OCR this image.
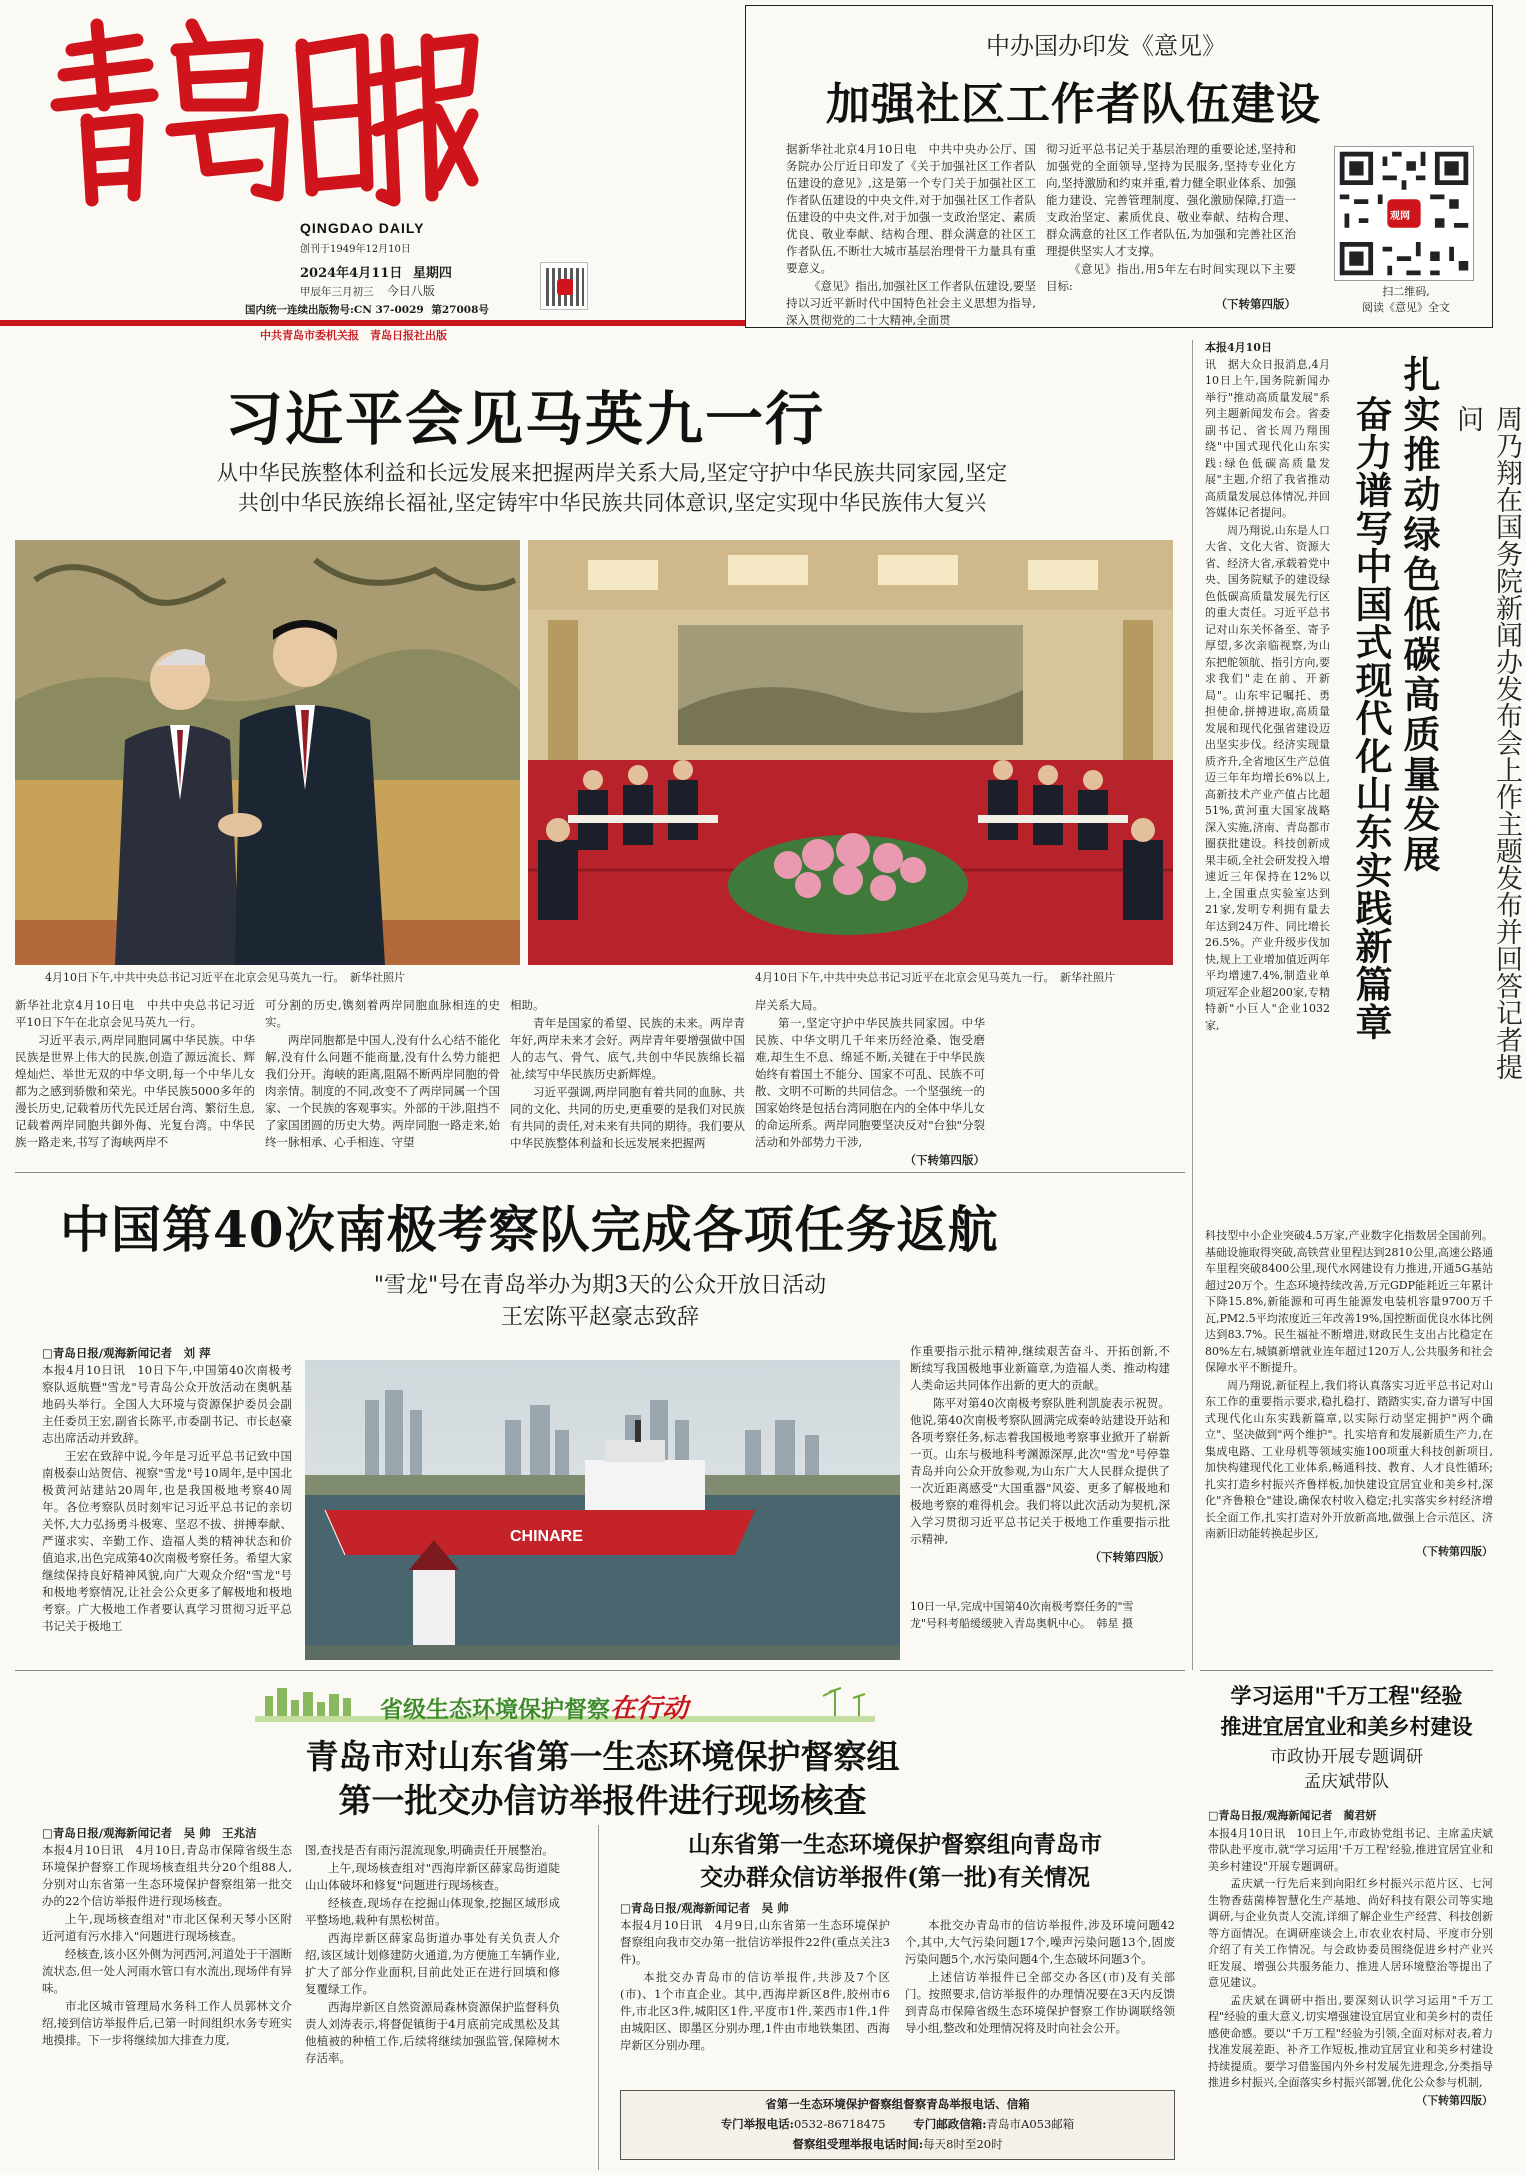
QINGDAO DAILY
创刊于1949年12月10日
2024年4月11日 星期四
甲辰年三月初三 今日八版
国内统一连续出版物号:CN 37-0029 第27008号
中共青岛市委机关报　青岛日报社出版
中办国办印发《意见》
加强社区工作者队伍建设

据新华社北京4月10日电　中共中央办公厅、国务院办公厅近日印发了《关于加强社区工作者队伍建设的意见》,这是第一个专门关于加强社区工作者队伍建设的中央文件,对于加强社区工作者队伍建设的中央文件,对于加强一支政治坚定、素质优良、敬业奉献、结构合理、群众满意的社区工作者队伍,不断壮大城市基层治理骨干力量具有重要意义。

《意见》指出,加强社区工作者队伍建设,要坚持以习近平新时代中国特色社会主义思想为指导,深入贯彻党的二十大精神,全面贯

彻习近平总书记关于基层治理的重要论述,坚持和加强党的全面领导,坚持为民服务,坚持专业化方向,坚持激励和约束并重,着力健全职业体系、加强能力建设、完善管理制度、强化激励保障,打造一支政治坚定、素质优良、敬业奉献、结构合理、群众满意的社区工作者队伍,为加强和完善社区治理提供坚实人才支撑。

《意见》指出,用5年左右时间实现以下主要目标:

（下转第四版）
观网
扫二维码,
阅读《意见》全文
习近平会见马英九一行
从中华民族整体利益和长远发展来把握两岸关系大局,坚定守护中华民族共同家园,坚定
共创中华民族绵长福祉,坚定铸牢中华民族共同体意识,坚定实现中华民族伟大复兴
4月10日下午,中共中央总书记习近平在北京会见马英九一行。　新华社照片	4月10日下午,中共中央总书记习近平在北京会见马英九一行。　新华社照片

新华社北京4月10日电　中共中央总书记习近平10日下午在北京会见马英九一行。

习近平表示,两岸同胞同属中华民族。中华民族是世界上伟大的民族,创造了源远流长、辉煌灿烂、举世无双的中华文明,每一个中华儿女都为之感到骄傲和荣光。中华民族5000多年的漫长历史,记载着历代先民迁居台湾、繁衍生息,记载着两岸同胞共御外侮、光复台湾。中华民族一路走来,书写了海峡两岸不

可分割的历史,镌刻着两岸同胞血脉相连的史实。

两岸同胞都是中国人,没有什么心结不能化解,没有什么问题不能商量,没有什么势力能把我们分开。海峡的距离,阻隔不断两岸同胞的骨肉亲情。制度的不同,改变不了两岸同属一个国家、一个民族的客观事实。外部的干涉,阻挡不了家国团圆的历史大势。两岸同胞一路走来,始终一脉相承、心手相连、守望

相助。

青年是国家的希望、民族的未来。两岸青年好,两岸未来才会好。两岸青年要增强做中国人的志气、骨气、底气,共创中华民族绵长福祉,续写中华民族历史新辉煌。

习近平强调,两岸同胞有着共同的血脉、共同的文化、共同的历史,更重要的是我们对民族有共同的责任,对未来有共同的期待。我们要从中华民族整体利益和长远发展来把握两

岸关系大局。

第一,坚定守护中华民族共同家园。中华民族、中华文明几千年来历经沧桑、饱受磨难,却生生不息、绵延不断,关键在于中华民族始终有着国土不能分、国家不可乱、民族不可散、文明不可断的共同信念。一个坚强统一的国家始终是包括台湾同胞在内的全体中华儿女的命运所系。两岸同胞要坚决反对"台独"分裂活动和外部势力干涉,

（下转第四版）
本报4月10日

讯　据大众日报消息,4月10日上午,国务院新闻办举行"推动高质量发展"系列主题新闻发布会。省委副书记、省长周乃翔围绕"中国式现代化山东实践:绿色低碳高质量发展"主题,介绍了我省推动高质量发展总体情况,并回答媒体记者提问。

周乃翔说,山东是人口大省、文化大省、资源大省、经济大省,承载着党中央、国务院赋予的建设绿色低碳高质量发展先行区的重大责任。习近平总书记对山东关怀备至、寄予厚望,多次亲临视察,为山东把舵领航、指引方向,要求我们"走在前、开新局"。山东牢记嘱托、勇担使命,拼搏进取,高质量发展和现代化强省建设迈出坚实步伐。经济实现量质齐升,全省地区生产总值迈三年年均增长6%以上,高新技术产业产值占比超51%,黄河重大国家战略深入实施,济南、青岛都市圈获批建设。科技创新成果丰硕,全社会研发投入增速近三年保持在12%以上,全国重点实验室达到21家,发明专利拥有量去年达到24万件、同比增长26.5%。产业升级步伐加快,规上工业增加值近两年平均增速7.4%,制造业单项冠军企业超200家,专精特新"小巨人"企业1032家,

扎实推动绿色低碳高质量发展
奋力谱写中国式现代化山东实践新篇章	周乃翔在国务院新闻办发布会上作主题发布并回答记者提问

科技型中小企业突破4.5万家,产业数字化指数居全国前列。基础设施取得突破,高铁营业里程达到2810公里,高速公路通车里程突破8400公里,现代水网建设有力推进,开通5G基站超过20万个。生态环境持续改善,万元GDP能耗近三年累计下降15.8%,新能源和可再生能源发电装机容量9700万千瓦,PM2.5平均浓度近三年改善19%,国控断面优良水体比例达到83.7%。民生福祉不断增进,财政民生支出占比稳定在80%左右,城镇新增就业连年超过120万人,公共服务和社会保障水平不断提升。

周乃翔说,新征程上,我们将认真落实习近平总书记对山东工作的重要指示要求,稳扎稳打、踏踏实实,奋力谱写中国式现代化山东实践新篇章,以实际行动坚定拥护"两个确立"、坚决做到"两个维护"。扎实培育和发展新质生产力,在集成电路、工业母机等领域实施100项重大科技创新项目,加快构建现代化工业体系,畅通科技、教育、人才良性循环;扎实打造乡村振兴齐鲁样板,加快建设宜居宜业和美乡村,深化"齐鲁粮仓"建设,确保农村收入稳定;扎实落实乡村经济增长全面工作,扎实打造对外开放新高地,做强上合示范区、济南新旧动能转换起步区,

（下转第四版）
中国第40次南极考察队完成各项任务返航
"雪龙"号在青岛举办为期3天的公众开放日活动
王宏陈平赵豪志致辞
□青岛日报/观海新闻记者　刘 萍

本报4月10日讯　10日下午,中国第40次南极考察队返航暨"雪龙"号青岛公众开放活动在奥帆基地码头举行。全国人大环境与资源保护委员会副主任委员王宏,副省长陈平,市委副书记、市长赵豪志出席活动并致辞。

王宏在致辞中说,今年是习近平总书记致中国南极泰山站贺信、视察"雪龙"号10周年,是中国北极黄河站建站20周年,也是我国极地考察40周年。各位考察队员时刻牢记习近平总书记的亲切关怀,大力弘扬勇斗极寒、坚忍不拔、拼搏奉献、严谨求实、辛勤工作、造福人类的精神状态和价值追求,出色完成第40次南极考察任务。希望大家继续保持良好精神风貌,向广大观众介绍"雪龙"号和极地考察情况,让社会公众更多了解极地和极地考察。广大极地工作者要认真学习贯彻习近平总书记关于极地工

CHINARE

作重要指示批示精神,继续艰苦奋斗、开拓创新,不断续写我国极地事业新篇章,为造福人类、推动构建人类命运共同体作出新的更大的贡献。

陈平对第40次南极考察队胜利凯旋表示祝贺。他说,第40次南极考察队圆满完成秦岭站建设开站和各项考察任务,标志着我国极地考察事业掀开了崭新一页。山东与极地科考渊源深厚,此次"雪龙"号停靠青岛并向公众开放参观,为山东广大人民群众提供了一次近距离感受"大国重器"风姿、更多了解极地和极地考察的难得机会。我们将以此次活动为契机,深入学习贯彻习近平总书记关于极地工作重要指示批示精神,

（下转第四版）
10日一早,完成中国第40次南极考察任务的"雪龙"号科考船缓缓驶入青岛奥帆中心。　韩星 摄
省级生态环境保护督察在行动
青岛市对山东省第一生态环境保护督察组
第一批交办信访举报件进行现场核查
□青岛日报/观海新闻记者　吴 帅　王兆洁

本报4月10日讯　4月10日,青岛市保障省级生态环境保护督察工作现场核查组共分20个组88人,分别对山东省第一生态环境保护督察组第一批交办的22个信访举报件进行现场核查。

上午,现场核查组对"市北区保利天琴小区附近河道有污水排入"问题进行现场核查。

经核查,该小区外侧为河西河,河道处于干涸断流状态,但一处人河雨水管口有水流出,现场伴有异味。

市北区城市管理局水务科工作人员郭林文介绍,接到信访举报件后,已第一时间组织水务专班实地摸排。下一步将继续加大排查力度,

图,查找是否有雨污混流现象,明确责任开展整治。

上午,现场核查组对"西海岸新区薛家岛街道陡山山体破坏和修复"问题进行现场核查。

经核查,现场存在挖掘山体现象,挖掘区域形成平整场地,栽种有黑松树苗。

西海岸新区薛家岛街道办事处有关负责人介绍,该区域计划修建防火通道,为方便施工车辆作业,扩大了部分作业面积,目前此处正在进行回填和修复覆绿工作。

西海岸新区自然资源局森林资源保护监督科负责人刘涛表示,将督促镇街于4月底前完成黑松及其他植被的种植工作,后续将继续加强监管,保障树木存活率。

山东省第一生态环境保护督察组向青岛市
交办群众信访举报件(第一批)有关情况
□青岛日报/观海新闻记者　吴 帅

本报4月10日讯　4月9日,山东省第一生态环境保护督察组向我市交办第一批信访举报件22件(重点关注3件)。

本批交办青岛市的信访举报件,共涉及7个区(市)、1个市直企业。其中,西海岸新区8件,胶州市6件,市北区3件,城阳区1件,平度市1件,莱西市1件,1件由城阳区、即墨区分别办理,1件由市地铁集团、西海岸新区分别办理。

本批交办青岛市的信访举报件,涉及环境问题42个,其中,大气污染问题17个,噪声污染问题13个,固废污染问题5个,水污染问题4个,生态破坏问题3个。

上述信访举报件已全部交办各区(市)及有关部门。按照要求,信访举报件的办理情况要在3天内反馈到青岛市保障省级生态环境保护督察工作协调联络领导小组,整改和处理情况将及时向社会公开。

省第一生态环境保护督察组督察青岛举报电话、信箱
专门举报电话:0532-86718475 专门邮政信箱:青岛市A053邮箱
督察组受理举报电话时间:每天8时至20时
学习运用"千万工程"经验
推进宜居宜业和美乡村建设
市政协开展专题调研
孟庆斌带队
□青岛日报/观海新闻记者　蔺君妍

本报4月10日讯　10日上午,市政协党组书记、主席孟庆斌带队赴平度市,就"学习运用'千万工程'经验,推进宜居宜业和美乡村建设"开展专题调研。

孟庆斌一行先后来到向阳红乡村振兴示范片区、七河生物香菇菌棒智慧化生产基地、尚好科技有限公司等实地调研,与企业负责人交流,详细了解企业生产经营、科技创新等方面情况。在调研座谈会上,市农业农村局、平度市分别介绍了有关工作情况。与会政协委员围绕促进乡村产业兴旺发展、增强公共服务能力、推进人居环境整治等提出了意见建议。

孟庆斌在调研中指出,要深刻认识学习运用"千万工程"经验的重大意义,切实增强建设宜居宜业和美乡村的责任感使命感。要以"千万工程"经验为引领,全面对标对表,着力找准发展差距、补齐工作短板,推动宜居宜业和美乡村建设持续提质。要学习借鉴国内外乡村发展先进理念,分类指导推进乡村振兴,全面落实乡村振兴部署,优化公众参与机制,

（下转第四版）
